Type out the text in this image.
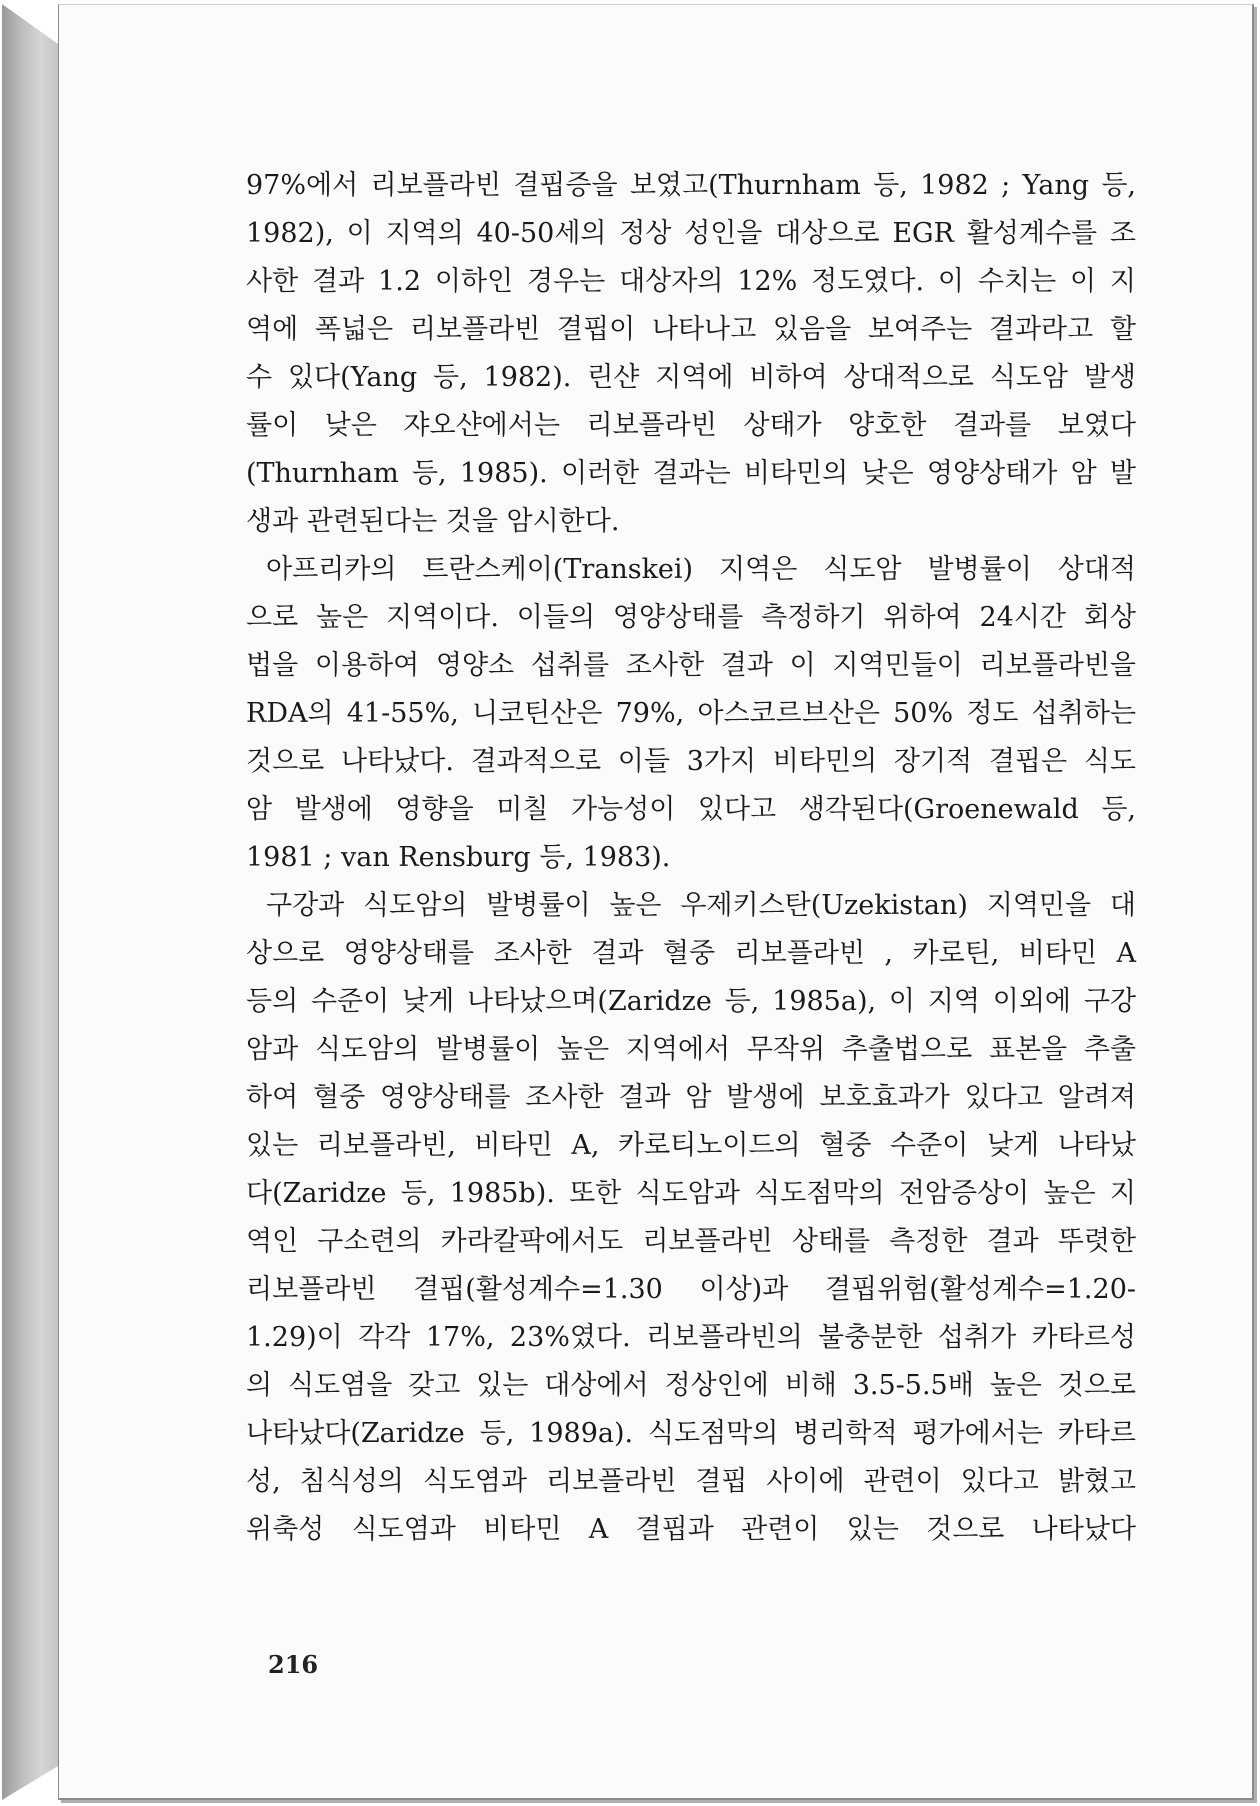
97%에서 리보플라빈 결핍증을 보였고(Thurnham 등, 1982 ; Yang 등,

1982), 이 지역의 40-50세의 정상 성인을 대상으로 EGR 활성계수를 조

사한 결과 1.2 이하인 경우는 대상자의 12% 정도였다. 이 수치는 이 지

역에 폭넓은 리보플라빈 결핍이 나타나고 있음을 보여주는 결과라고 할

수 있다(Yang 등, 1982). 린샨 지역에 비하여 상대적으로 식도암 발생

률이 낮은 쟈오샨에서는 리보플라빈 상태가 양호한 결과를 보였다

(Thurnham 등, 1985). 이러한 결과는 비타민의 낮은 영양상태가 암 발

생과 관련된다는 것을 암시한다.

아프리카의 트란스케이(Transkei) 지역은 식도암 발병률이 상대적

으로 높은 지역이다. 이들의 영양상태를 측정하기 위하여 24시간 회상

법을 이용하여 영양소 섭취를 조사한 결과 이 지역민들이 리보플라빈을

RDA의 41-55%, 니코틴산은 79%, 아스코르브산은 50% 정도 섭취하는

것으로 나타났다. 결과적으로 이들 3가지 비타민의 장기적 결핍은 식도

암 발생에 영향을 미칠 가능성이 있다고 생각된다(Groenewald 등,

1981 ; van Rensburg 등, 1983).

구강과 식도암의 발병률이 높은 우제키스탄(Uzekistan) 지역민을 대

상으로 영양상태를 조사한 결과 혈중 리보플라빈 , 카로틴, 비타민 A

등의 수준이 낮게 나타났으며(Zaridze 등, 1985a), 이 지역 이외에 구강

암과 식도암의 발병률이 높은 지역에서 무작위 추출법으로 표본을 추출

하여 혈중 영양상태를 조사한 결과 암 발생에 보호효과가 있다고 알려져

있는 리보플라빈, 비타민 A, 카로티노이드의 혈중 수준이 낮게 나타났

다(Zaridze 등, 1985b). 또한 식도암과 식도점막의 전암증상이 높은 지

역인 구소련의 카라칼팍에서도 리보플라빈 상태를 측정한 결과 뚜렷한

리보플라빈 결핍(활성계수=1.30 이상)과 결핍위험(활성계수=1.20-

1.29)이 각각 17%, 23%였다. 리보플라빈의 불충분한 섭취가 카타르성

의 식도염을 갖고 있는 대상에서 정상인에 비해 3.5-5.5배 높은 것으로

나타났다(Zaridze 등, 1989a). 식도점막의 병리학적 평가에서는 카타르

성, 침식성의 식도염과 리보플라빈 결핍 사이에 관련이 있다고 밝혔고

위축성 식도염과 비타민 A 결핍과 관련이 있는 것으로 나타났다

216
